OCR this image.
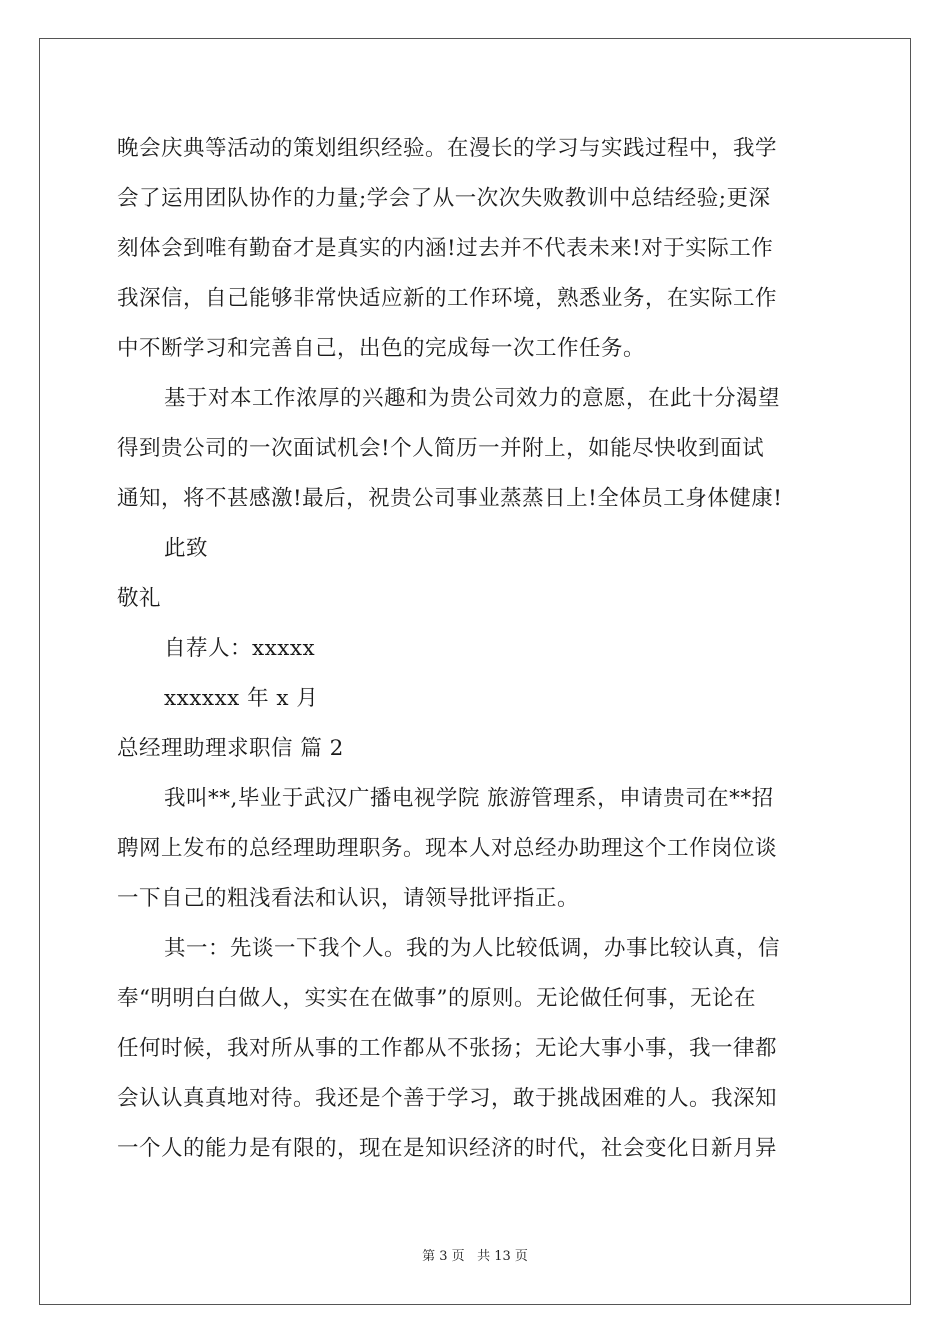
晚会庆典等活动的策划组织经验。在漫长的学习与实践过程中，我学
会了运用团队协作的力量;学会了从一次次失败教训中总结经验;更深
刻体会到唯有勤奋才是真实的内涵!过去并不代表未来!对于实际工作
我深信，自己能够非常快适应新的工作环境，熟悉业务，在实际工作
中不断学习和完善自己，出色的完成每一次工作任务。
基于对本工作浓厚的兴趣和为贵公司效力的意愿，在此十分渴望
得到贵公司的一次面试机会!个人简历一并附上，如能尽快收到面试
通知，将不甚感激!最后，祝贵公司事业蒸蒸日上!全体员工身体健康!
此致
敬礼
自荐人：xxxxx
xxxxxx 年 x 月
总经理助理求职信 篇 2
我叫**,毕业于武汉广播电视学院 旅游管理系，申请贵司在**招
聘网上发布的总经理助理职务。现本人对总经办助理这个工作岗位谈
一下自己的粗浅看法和认识，请领导批评指正。
其一：先谈一下我个人。我的为人比较低调，办事比较认真，信
奉“明明白白做人，实实在在做事”的原则。无论做任何事，无论在
任何时候，我对所从事的工作都从不张扬；无论大事小事，我一律都
会认认真真地对待。我还是个善于学习，敢于挑战困难的人。我深知
一个人的能力是有限的，现在是知识经济的时代，社会变化日新月异
第 3 页 共 13 页
